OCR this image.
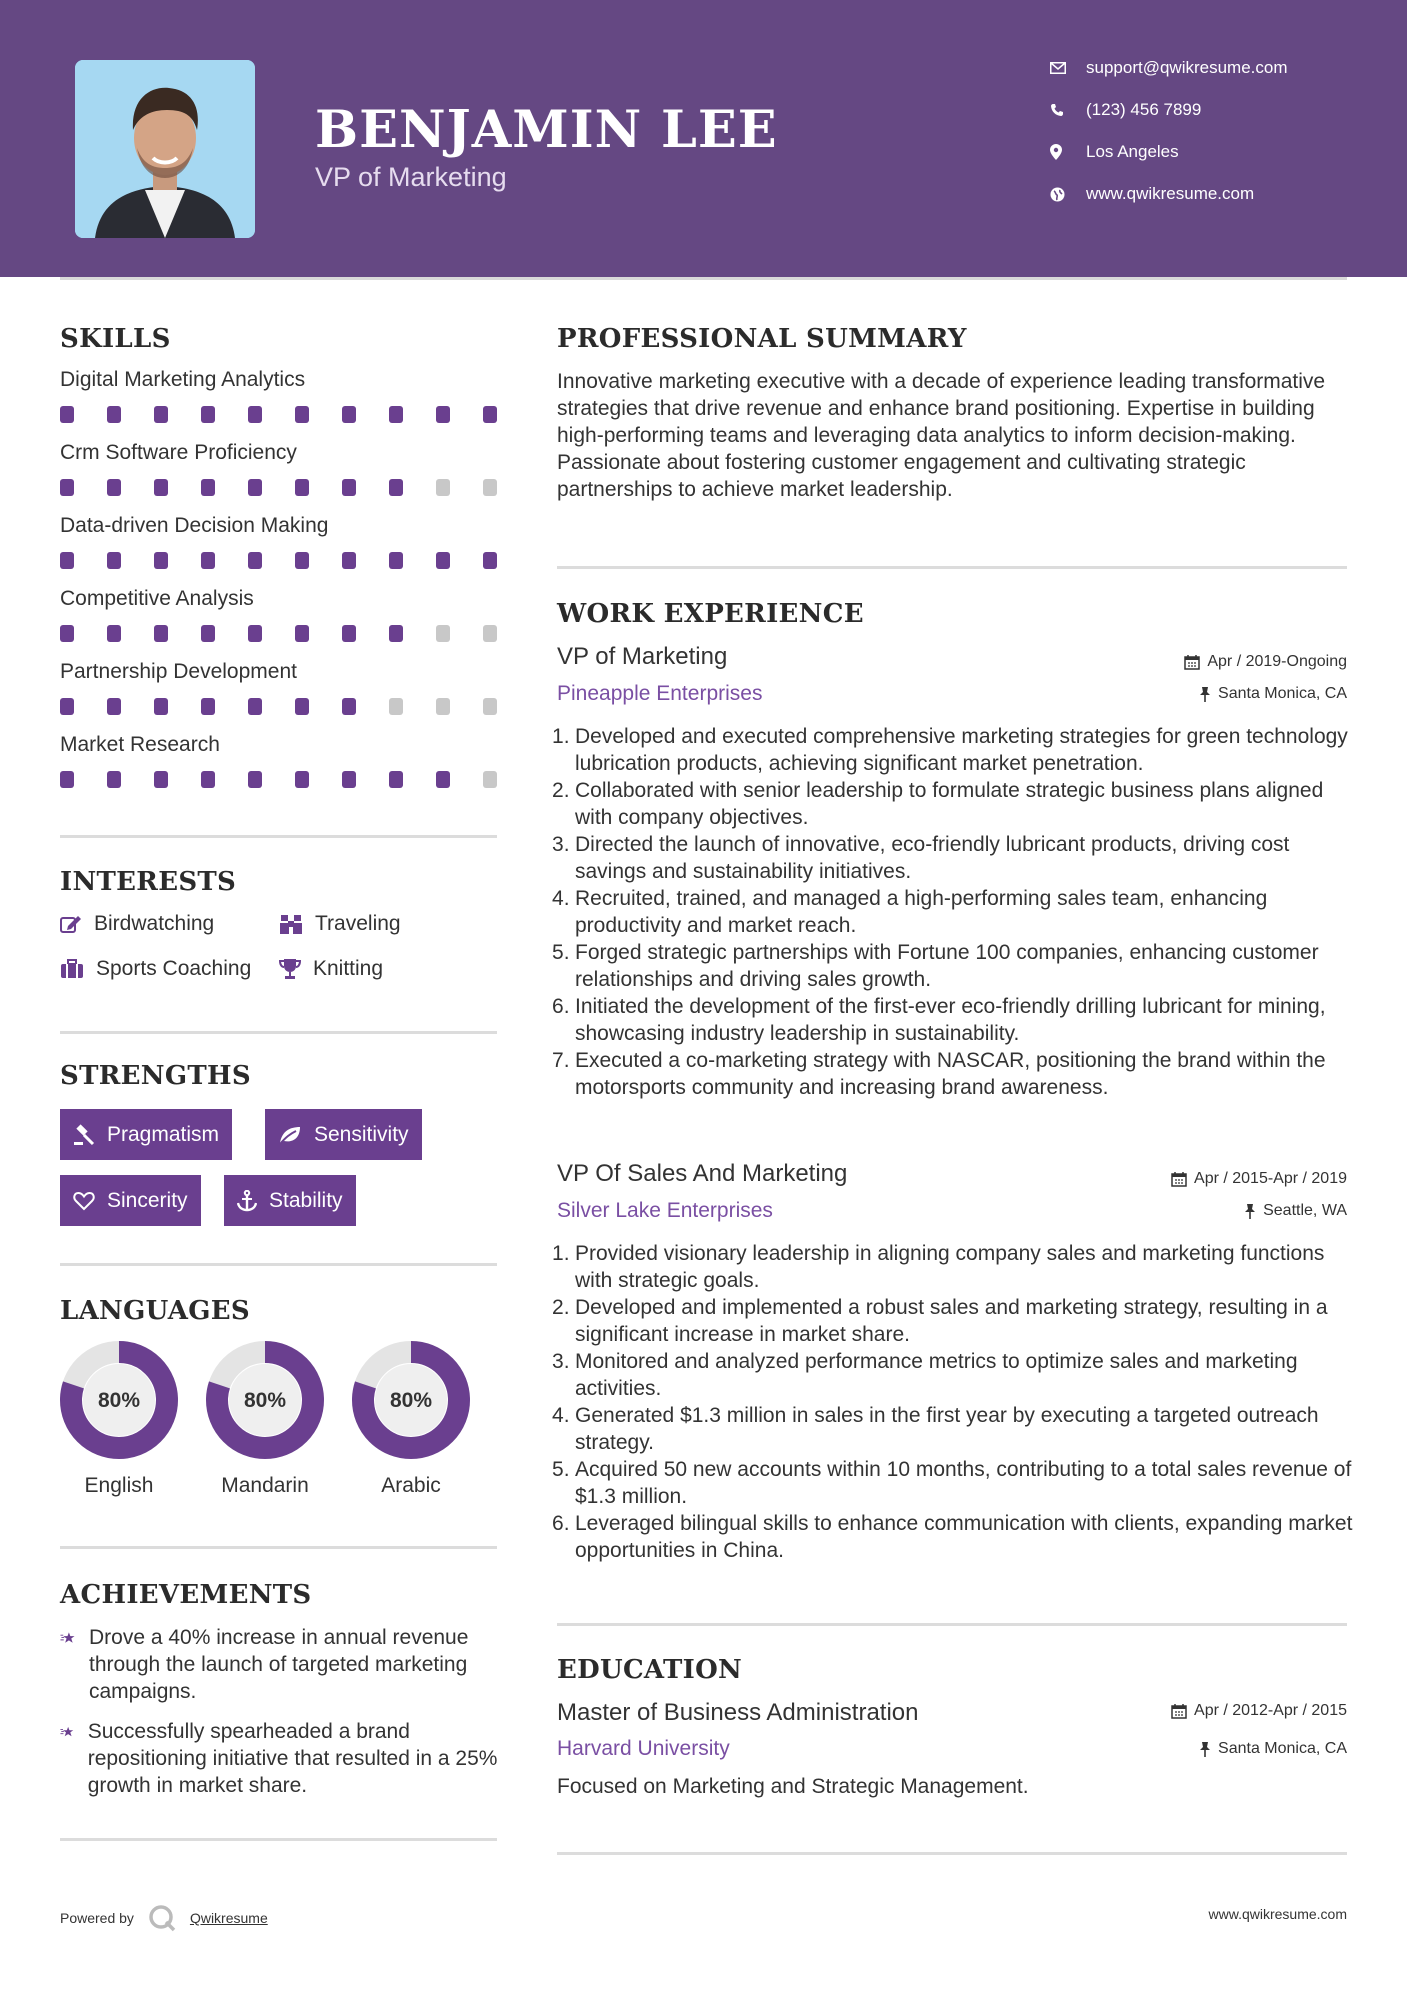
BENJAMIN LEE
VP of Marketing
support@qwikresume.com
(123) 456 7899
Los Angeles
www.qwikresume.com
SKILLS
Digital Marketing Analytics
Crm Software Proficiency
Data-driven Decision Making
Competitive Analysis
Partnership Development
Market Research
INTERESTS
Birdwatching	Traveling
Sports Coaching	Knitting
STRENGTHS
Pragmatism	Sensitivity
Sincerity	Stability
LANGUAGES
80%
English
80%
Mandarin
80%
Arabic
ACHIEVEMENTS
Drove a 40% increase in annual revenue through the launch of targeted marketing campaigns.
Successfully spearheaded a brand repositioning initiative that resulted in a 25% growth in market share.
PROFESSIONAL SUMMARY
Innovative marketing executive with a decade of experience leading transformative strategies that drive revenue and enhance brand positioning. Expertise in building high-performing teams and leveraging data analytics to inform decision-making. Passionate about fostering customer engagement and cultivating strategic partnerships to achieve market leadership.
WORK EXPERIENCE
VP of Marketing	Apr / 2019-Ongoing
Pineapple Enterprises	Santa Monica, CA
Developed and executed comprehensive marketing strategies for green technology lubrication products, achieving significant market penetration.
Collaborated with senior leadership to formulate strategic business plans aligned with company objectives.
Directed the launch of innovative, eco-friendly lubricant products, driving cost savings and sustainability initiatives.
Recruited, trained, and managed a high-performing sales team, enhancing productivity and market reach.
Forged strategic partnerships with Fortune 100 companies, enhancing customer relationships and driving sales growth.
Initiated the development of the first-ever eco-friendly drilling lubricant for mining, showcasing industry leadership in sustainability.
Executed a co-marketing strategy with NASCAR, positioning the brand within the motorsports community and increasing brand awareness.
VP Of Sales And Marketing	Apr / 2015-Apr / 2019
Silver Lake Enterprises	Seattle, WA
Provided visionary leadership in aligning company sales and marketing functions with strategic goals.
Developed and implemented a robust sales and marketing strategy, resulting in a significant increase in market share.
Monitored and analyzed performance metrics to optimize sales and marketing activities.
Generated $1.3 million in sales in the first year by executing a targeted outreach strategy.
Acquired 50 new accounts within 10 months, contributing to a total sales revenue of $1.3 million.
Leveraged bilingual skills to enhance communication with clients, expanding market opportunities in China.
EDUCATION
Master of Business Administration	Apr / 2012-Apr / 2015
Harvard University	Santa Monica, CA
Focused on Marketing and Strategic Management.
Powered by	Qwikresume	www.qwikresume.com
